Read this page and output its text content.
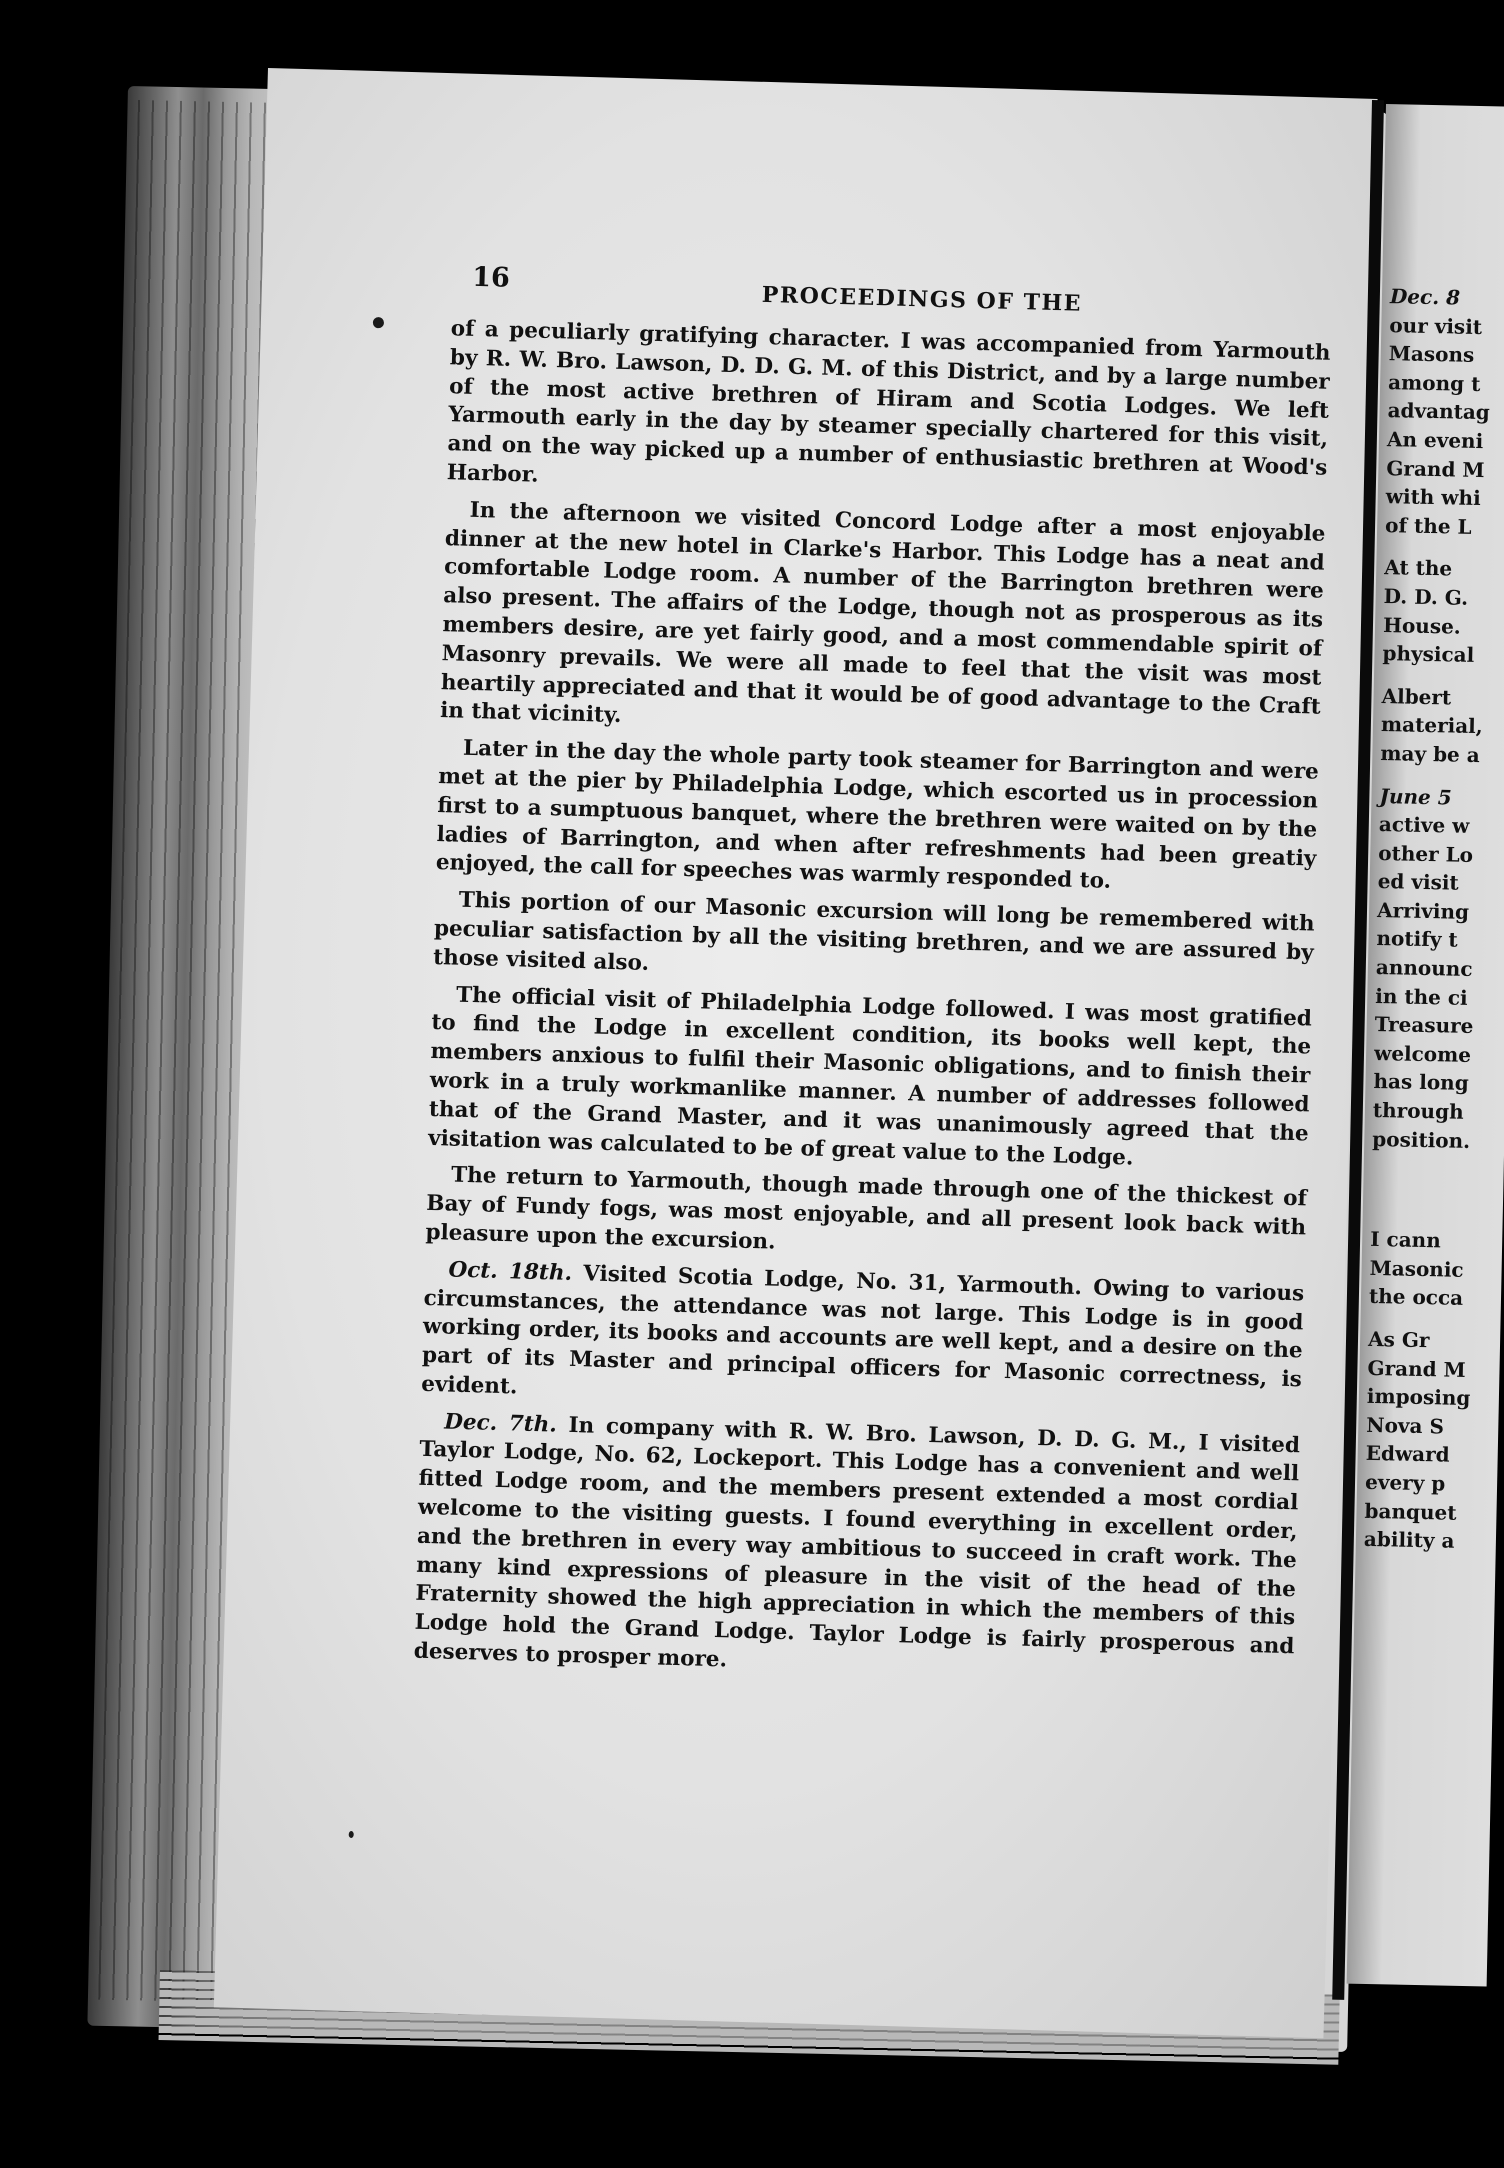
16
PROCEEDINGS OF THE

of a peculiarly gratifying character. I was accompanied from Yarmouth by R. W. Bro. Lawson, D. D. G. M. of this District, and by a large number of the most active brethren of Hiram and Scotia Lodges. We left Yarmouth early in the day by steamer specially chartered for this visit, and on the way picked up a number of enthusiastic brethren at Wood's Harbor.

In the afternoon we visited Concord Lodge after a most enjoyable dinner at the new hotel in Clarke's Harbor. This Lodge has a neat and comfortable Lodge room. A number of the Barrington brethren were also present. The affairs of the Lodge, though not as prosperous as its members desire, are yet fairly good, and a most commendable spirit of Masonry prevails. We were all made to feel that the visit was most heartily appreciated and that it would be of good advantage to the Craft in that vicinity.

Later in the day the whole party took steamer for Barrington and were met at the pier by Philadelphia Lodge, which escorted us in procession first to a sumptuous banquet, where the brethren were waited on by the ladies of Barrington, and when after refreshments had been greatiy enjoyed, the call for speeches was warmly responded to.

This portion of our Masonic excursion will long be remembered with peculiar satisfaction by all the visiting brethren, and we are assured by those visited also.

The official visit of Philadelphia Lodge followed. I was most gratified to find the Lodge in excellent condition, its books well kept, the members anxious to fulfil their Masonic obligations, and to finish their work in a truly workmanlike manner. A number of addresses followed that of the Grand Master, and it was unanimously agreed that the visitation was calculated to be of great value to the Lodge.

The return to Yarmouth, though made through one of the thickest of Bay of Fundy fogs, was most enjoyable, and all present look back with pleasure upon the excursion.

Oct. 18th. Visited Scotia Lodge, No. 31, Yarmouth. Owing to various circumstances, the attendance was not large. This Lodge is in good working order, its books and accounts are well kept, and a desire on the part of its Master and principal officers for Masonic correctness, is evident.

Dec. 7th. In company with R. W. Bro. Lawson, D. D. G. M., I visited Taylor Lodge, No. 62, Lockeport. This Lodge has a convenient and well fitted Lodge room, and the members present extended a most cordial welcome to the visiting guests. I found everything in excellent order, and the brethren in every way ambitious to succeed in craft work. The many kind expressions of pleasure in the visit of the head of the Fraternity showed the high appreciation in which the members of this Lodge hold the Grand Lodge. Taylor Lodge is fairly prosperous and deserves to prosper more.

Dec. 8
our visit
Masons
among t
advantag
An eveni
Grand M
with whi
of the L
At the
D. D. G.
House.
physical
Albert
material,
may be a
June 5
active w
other Lo
ed visit
Arriving
notify t
announc
in the ci
Treasure
welcome
has long
through
position.
I cann
Masonic
the occa
As Gr
Grand M
imposing
Nova S
Edward
every p
banquet
ability a
